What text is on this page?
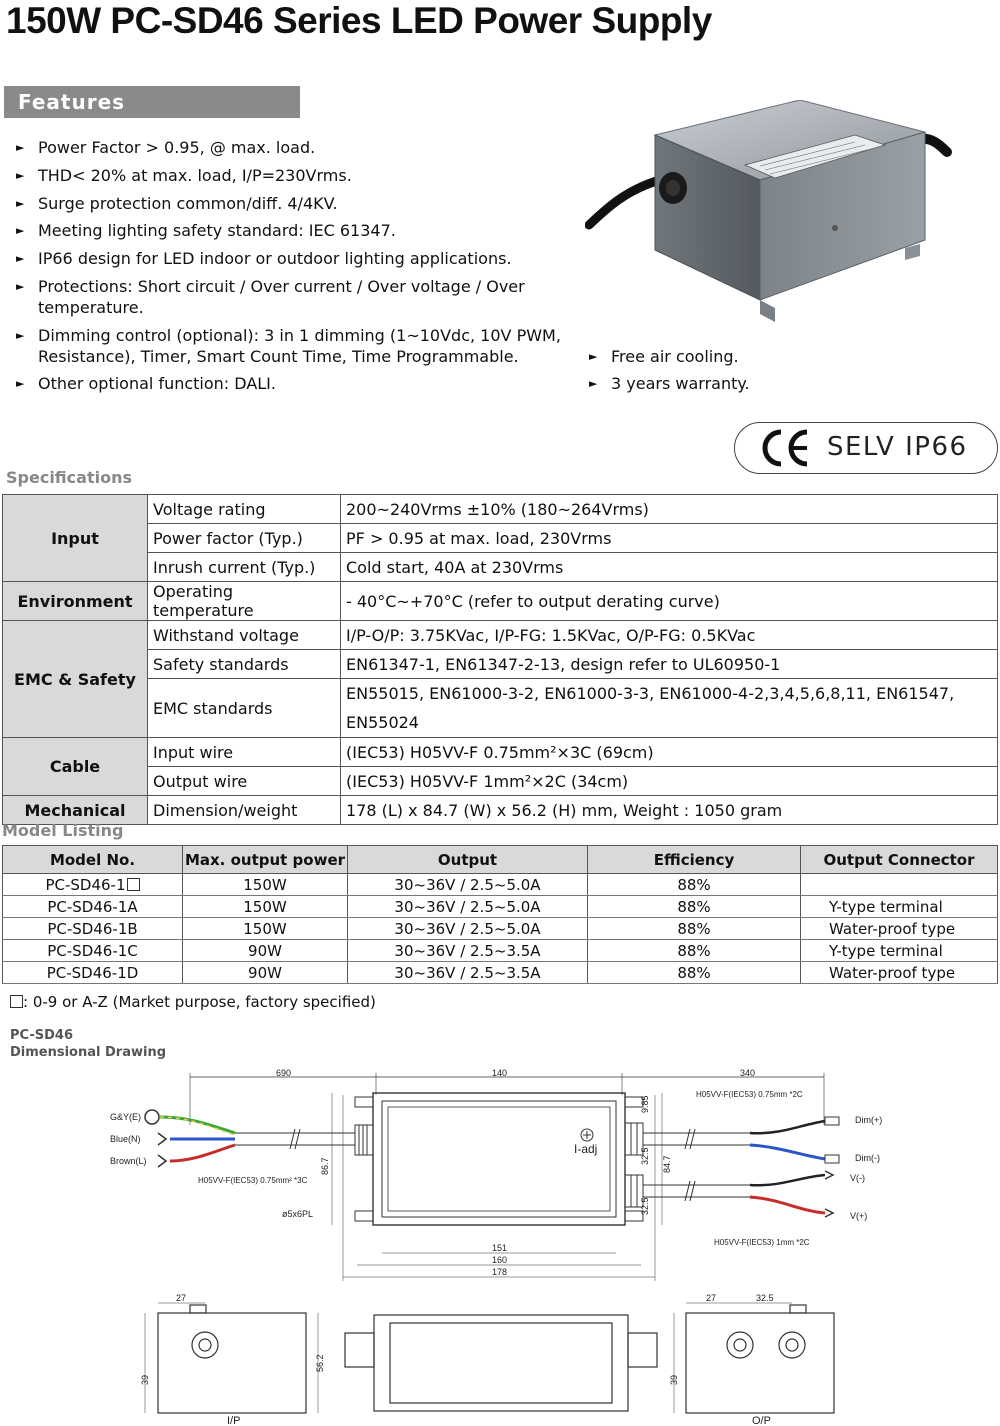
150W PC-SD46 Series LED Power Supply
Features
► Power Factor > 0.95, @ max. load.
► THD< 20% at max. load, I/P=230Vrms.
► Surge protection common/diff. 4/4KV.
► Meeting lighting safety standard: IEC 61347.
► IP66 design for LED indoor or outdoor lighting applications.
► Protections: Short circuit / Over current / Over voltage / Over temperature.
► Dimming control (optional): 3 in 1 dimming (1~10Vdc, 10V PWM, Resistance), Timer, Smart Count Time, Time Programmable.
► Other optional function: DALI.
► Free air cooling.
► 3 years warranty.
SELV IP66
Specifications
Input	Voltage rating	200~240Vrms ±10% (180~264Vrms)
	Power factor (Typ.)	PF > 0.95 at max. load, 230Vrms
	Inrush current (Typ.)	Cold start, 40A at 230Vrms
Environment	Operating temperature	- 40°C~+70°C (refer to output derating curve)
EMC & Safety	Withstand voltage	I/P-O/P: 3.75KVac, I/P-FG: 1.5KVac, O/P-FG: 0.5KVac
	Safety standards	EN61347-1, EN61347-2-13, design refer to UL60950-1
	EMC standards	EN55015, EN61000-3-2, EN61000-3-3, EN61000-4-2,3,4,5,6,8,11, EN61547,
EN55024
Cable	Input wire	(IEC53) H05VV-F 0.75mm²×3C (69cm)
	Output wire	(IEC53) H05VV-F 1mm²×2C (34cm)
Mechanical	Dimension/weight	178 (L) x 84.7 (W) x 56.2 (H) mm, Weight : 1050 gram
Model Listing
Model No.	Max. output power	Output	Efficiency	Output Connector
PC-SD46-1	150W	30~36V / 2.5~5.0A	88%	
PC-SD46-1A	150W	30~36V / 2.5~5.0A	88%	Y-type terminal
PC-SD46-1B	150W	30~36V / 2.5~5.0A	88%	Water-proof type
PC-SD46-1C	90W	30~36V / 2.5~3.5A	88%	Y-type terminal
PC-SD46-1D	90W	30~36V / 2.5~3.5A	88%	Water-proof type
: 0-9 or A-Z (Market purpose, factory specified)
PC-SD46
Dimensional Drawing
690	140	340
G&Y(E)
Blue(N)
Brown(L)
H05VV-F(IEC53) 0.75mm² *3C
H05VV-F(IEC53) 0.75mm *2C
H05VV-F(IEC53) 1mm *2C
Dim(+)
Dim(-)
V(-)
V(+)
ø5x6PL
I-adj
151
160
178
86.7	84.7
32.5
32.5
9.85
27	27	32.5
39
56.2
39
I/P	O/P
